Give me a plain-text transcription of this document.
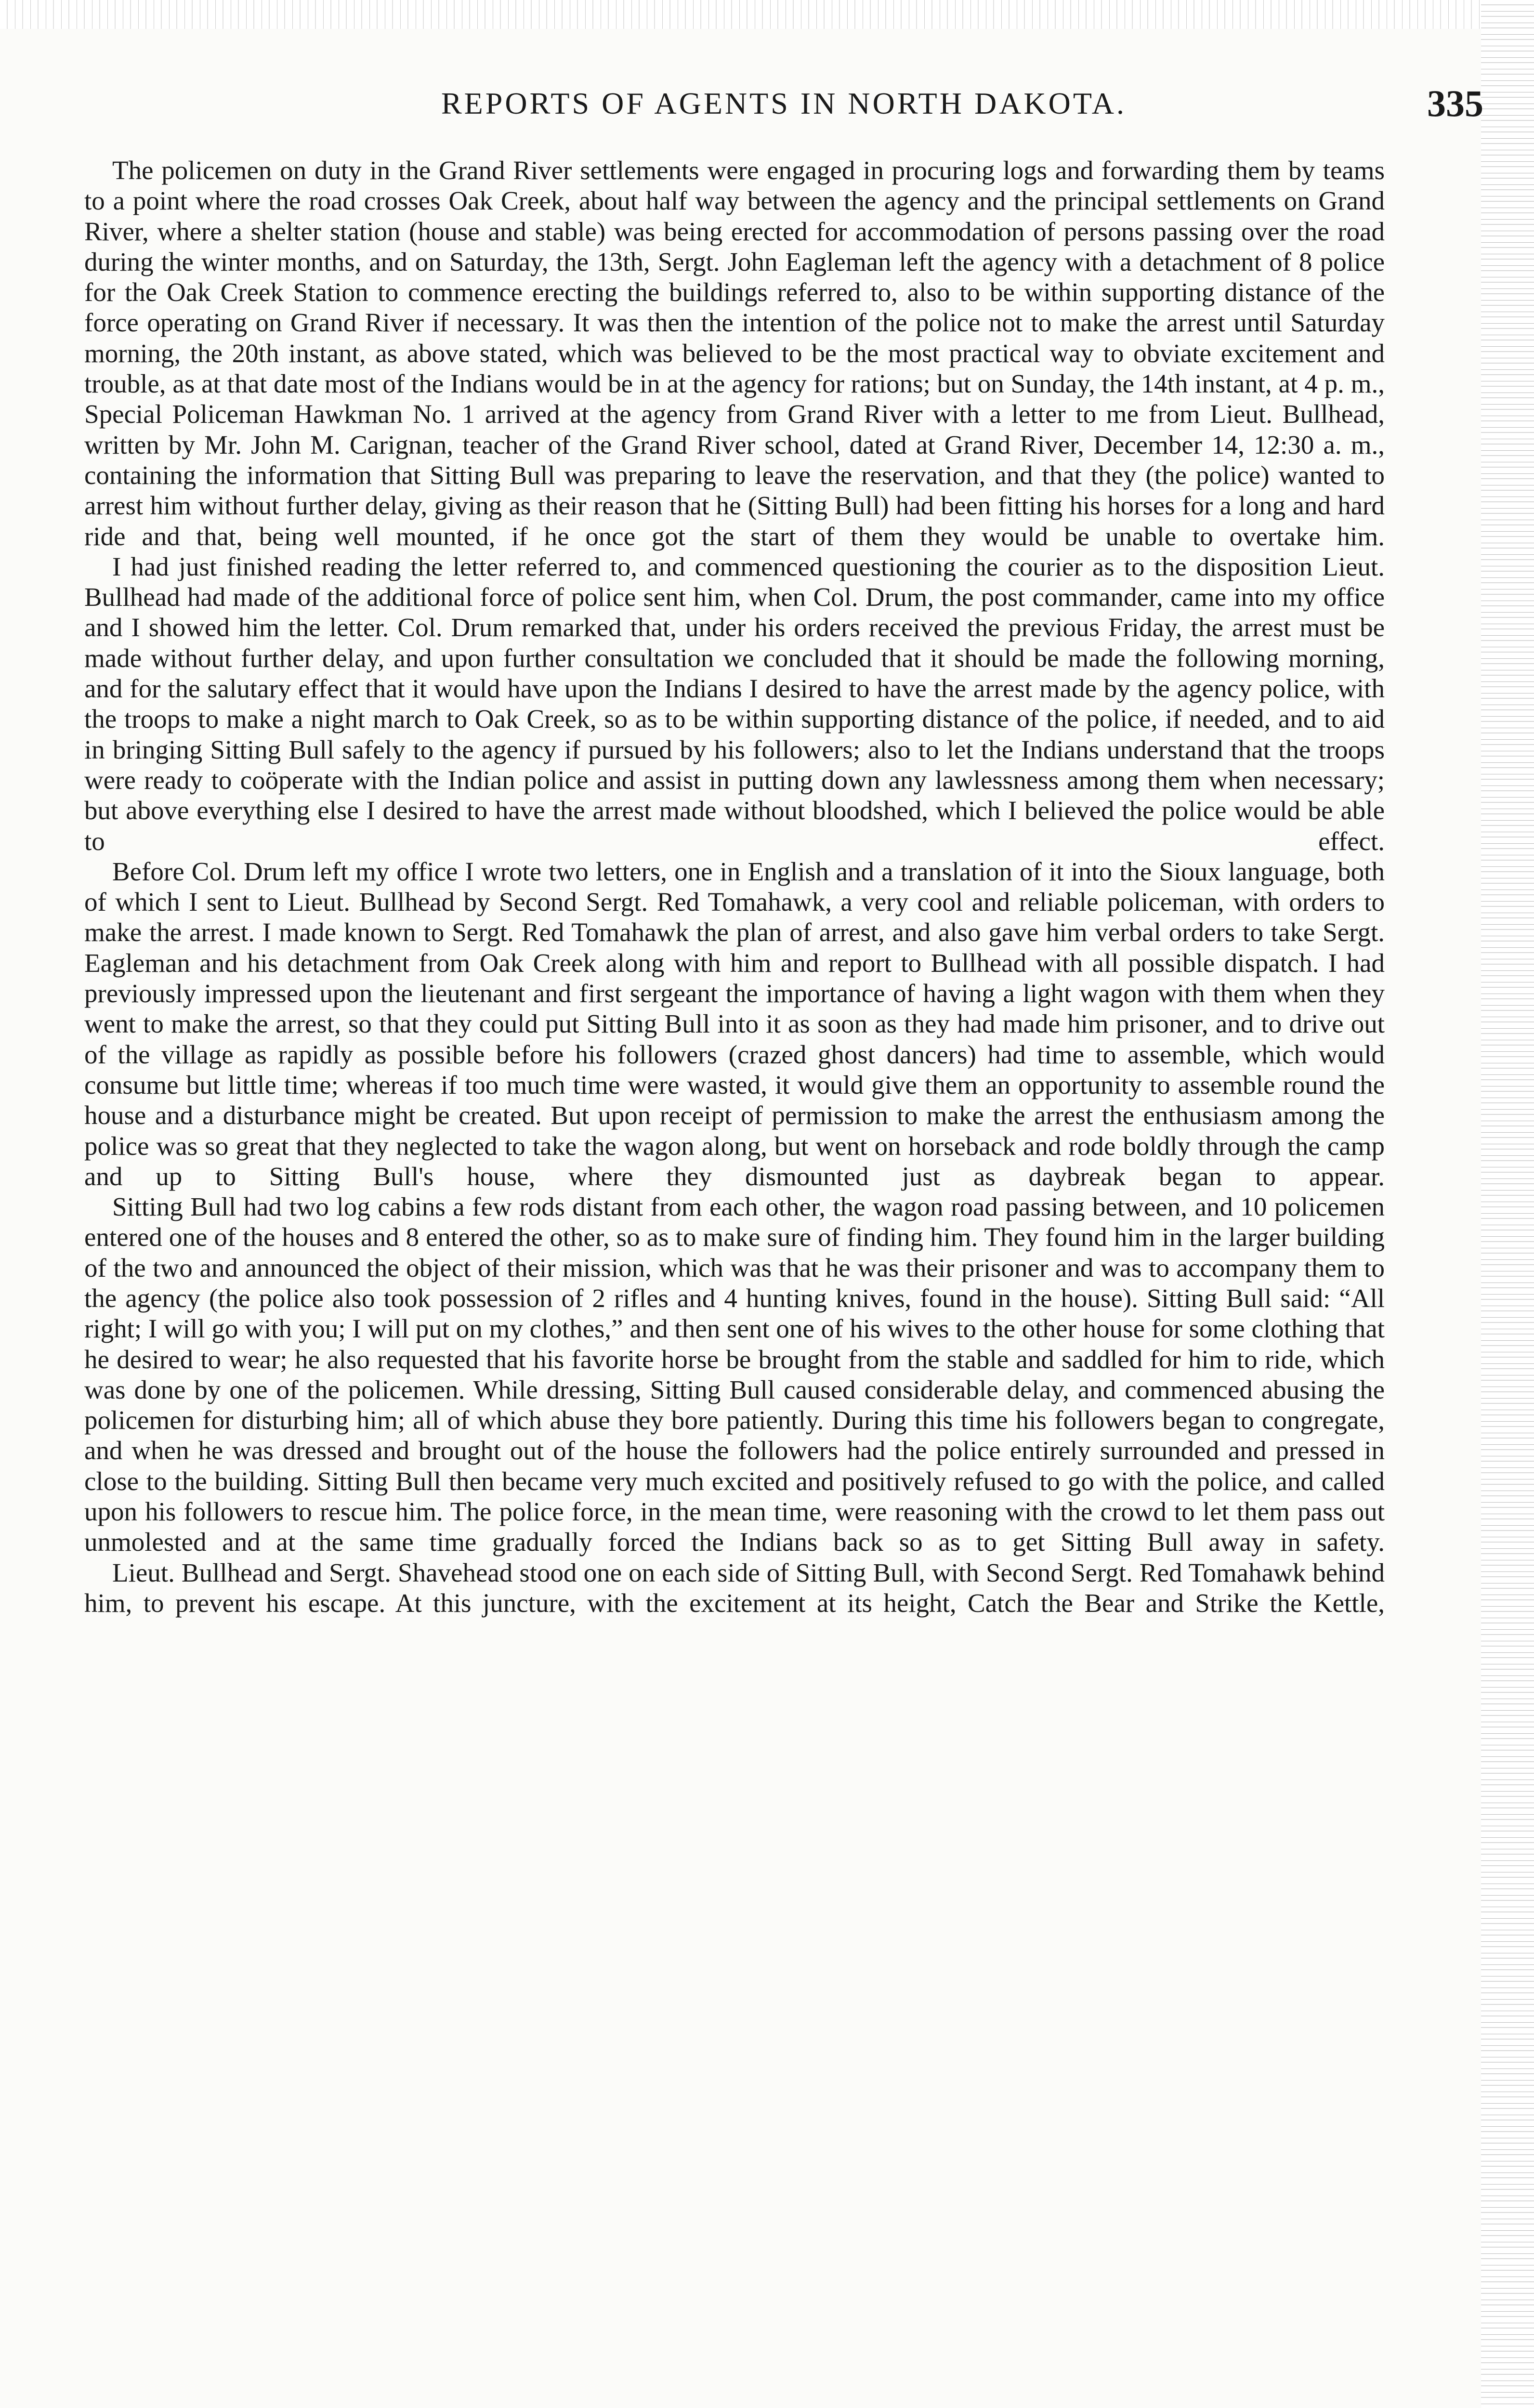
REPORTS OF AGENTS IN NORTH DAKOTA.	335

The policemen on duty in the Grand River settlements were engaged in procuring logs and forwarding them by teams to a point where the road crosses Oak Creek, about half way between the agency and the principal settlements on Grand River, where a shelter station (house and stable) was being erected for accommodation of persons passing over the road during the winter months, and on Saturday, the 13th, Sergt. John Eagleman left the agency with a detachment of 8 police for the Oak Creek Station to commence erecting the buildings referred to, also to be within supporting distance of the force operating on Grand River if necessary. It was then the intention of the police not to make the arrest until Saturday morning, the 20th instant, as above stated, which was believed to be the most practical way to obviate excitement and trouble, as at that date most of the Indians would be in at the agency for rations; but on Sunday, the 14th instant, at 4 p. m., Special Policeman Hawkman No. 1 arrived at the agency from Grand River with a letter to me from Lieut. Bullhead, written by Mr. John M. Carignan, teacher of the Grand River school, dated at Grand River, December 14, 12:30 a. m., containing the information that Sitting Bull was preparing to leave the reservation, and that they (the police) wanted to arrest him without further delay, giving as their reason that he (Sitting Bull) had been fitting his horses for a long and hard ride and that, being well mounted, if he once got the start of them they would be unable to overtake him.

I had just finished reading the letter referred to, and commenced questioning the courier as to the disposition Lieut. Bullhead had made of the additional force of police sent him, when Col. Drum, the post commander, came into my office and I showed him the letter. Col. Drum remarked that, under his orders received the previous Friday, the arrest must be made without further delay, and upon further consultation we concluded that it should be made the following morning, and for the salutary effect that it would have upon the Indians I desired to have the arrest made by the agency police, with the troops to make a night march to Oak Creek, so as to be within supporting distance of the police, if needed, and to aid in bringing Sitting Bull safely to the agency if pursued by his followers; also to let the Indians understand that the troops were ready to coöperate with the Indian police and assist in putting down any lawlessness among them when necessary; but above everything else I desired to have the arrest made without bloodshed, which I believed the police would be able to effect.

Before Col. Drum left my office I wrote two letters, one in English and a translation of it into the Sioux language, both of which I sent to Lieut. Bullhead by Second Sergt. Red Tomahawk, a very cool and reliable policeman, with orders to make the arrest. I made known to Sergt. Red Tomahawk the plan of arrest, and also gave him verbal orders to take Sergt. Eagleman and his detachment from Oak Creek along with him and report to Bullhead with all possible dispatch. I had previously impressed upon the lieutenant and first sergeant the importance of having a light wagon with them when they went to make the arrest, so that they could put Sitting Bull into it as soon as they had made him prisoner, and to drive out of the village as rapidly as possible before his followers (crazed ghost dancers) had time to assemble, which would consume but little time; whereas if too much time were wasted, it would give them an opportunity to assemble round the house and a disturbance might be created. But upon receipt of permission to make the arrest the enthusiasm among the police was so great that they neglected to take the wagon along, but went on horseback and rode boldly through the camp and up to Sitting Bull's house, where they dismounted just as daybreak began to appear.

Sitting Bull had two log cabins a few rods distant from each other, the wagon road passing between, and 10 policemen entered one of the houses and 8 entered the other, so as to make sure of finding him. They found him in the larger building of the two and announced the object of their mission, which was that he was their prisoner and was to accompany them to the agency (the police also took possession of 2 rifles and 4 hunting knives, found in the house). Sitting Bull said: “All right; I will go with you; I will put on my clothes,” and then sent one of his wives to the other house for some clothing that he desired to wear; he also requested that his favorite horse be brought from the stable and saddled for him to ride, which was done by one of the policemen. While dressing, Sitting Bull caused considerable delay, and commenced abusing the policemen for disturbing him; all of which abuse they bore patiently. During this time his followers began to congregate, and when he was dressed and brought out of the house the followers had the police entirely surrounded and pressed in close to the building. Sitting Bull then became very much excited and positively refused to go with the police, and called upon his followers to rescue him. The police force, in the mean time, were reasoning with the crowd to let them pass out unmolested and at the same time gradually forced the Indians back so as to get Sitting Bull away in safety.

Lieut. Bullhead and Sergt. Shavehead stood one on each side of Sitting Bull, with Second Sergt. Red Tomahawk behind him, to prevent his escape. At this juncture, with the excitement at its height, Catch the Bear and Strike the Kettle,
